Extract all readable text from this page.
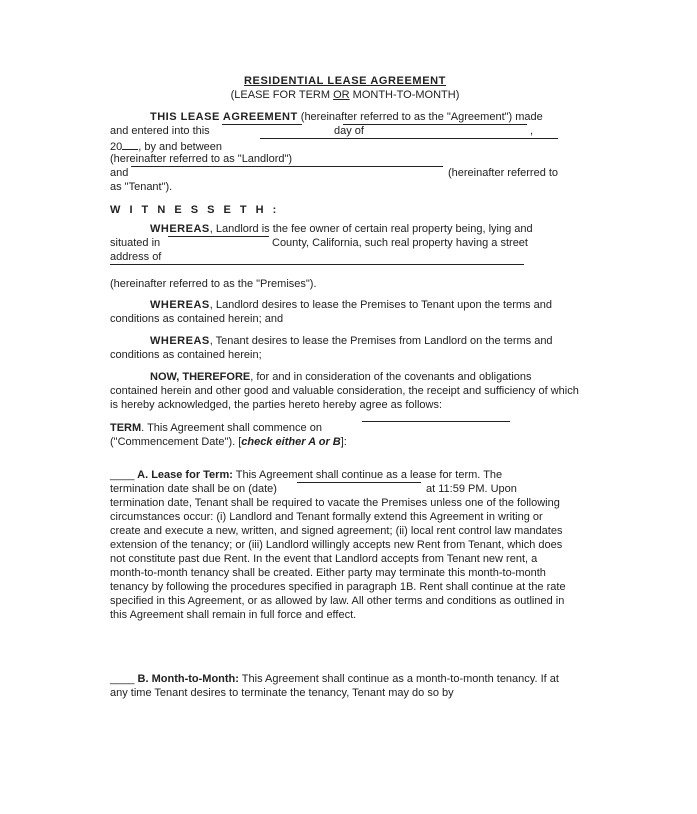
RESIDENTIAL LEASE AGREEMENT
(LEASE FOR TERM OR MONTH-TO-MONTH)
THIS LEASE AGREEMENT (hereinafter referred to as the "Agreement") made
and entered into this	day of	,
20 , by and between
(hereinafter referred to as "Landlord")
and	(hereinafter referred to
as "Tenant").
W I T N E S S E T H :
WHEREAS, Landlord is the fee owner of certain real property being, lying and
situated in	County, California, such real property having a street
address of
(hereinafter referred to as the "Premises").

WHEREAS, Landlord desires to lease the Premises to Tenant upon the terms and conditions as contained herein; and

WHEREAS, Tenant desires to lease the Premises from Landlord on the terms and conditions as contained herein;

NOW, THEREFORE, for and in consideration of the covenants and obligations contained herein and other good and valuable consideration, the receipt and sufficiency of which is hereby acknowledged, the parties hereto hereby agree as follows:

TERM. This Agreement shall commence on
("Commencement Date"). [check either A or B]:
____ A. Lease for Term: This Agreement shall continue as a lease for term. The
termination date shall be on (date)	at 11:59 PM. Upon

termination date, Tenant shall be required to vacate the Premises unless one of the following circumstances occur: (i) Landlord and Tenant formally extend this Agreement in writing or create and execute a new, written, and signed agreement; (ii) local rent control law mandates extension of the tenancy; or (iii) Landlord willingly accepts new Rent from Tenant, which does not constitute past due Rent. In the event that Landlord accepts from Tenant new rent, a month-to-month tenancy shall be created. Either party may terminate this month-to-month tenancy by following the procedures specified in paragraph 1B. Rent shall continue at the rate specified in this Agreement, or as allowed by law. All other terms and conditions as outlined in this Agreement shall remain in full force and effect.

____ B. Month-to-Month: This Agreement shall continue as a month-to-month tenancy. If at any time Tenant desires to terminate the tenancy, Tenant may do so by
